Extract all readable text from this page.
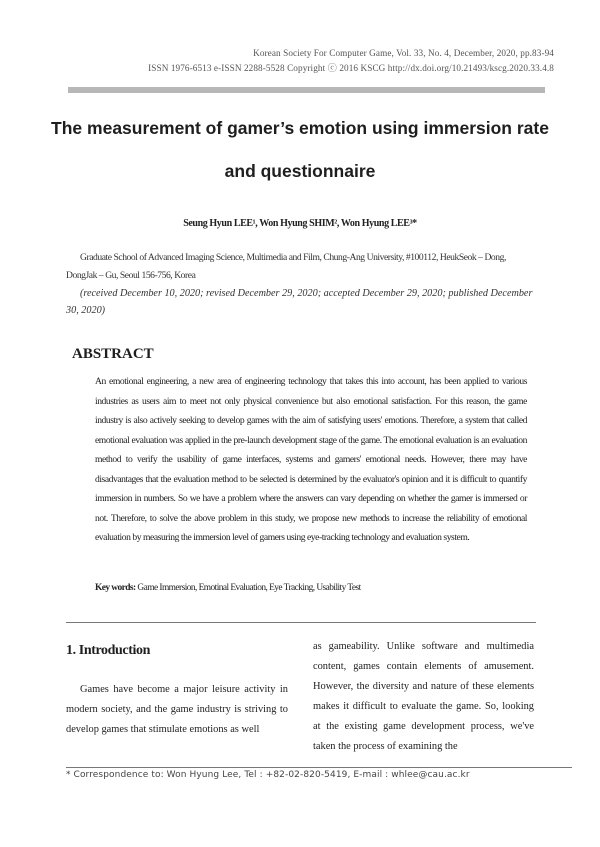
Korean Society For Computer Game, Vol. 33, No. 4, December, 2020, pp.83-94
ISSN 1976-6513 e-ISSN 2288-5528 Copyright ⓒ 2016 KSCG http://dx.doi.org/10.21493/kscg.2020.33.4.8
The measurement of gamer’s emotion using immersion rate
and questionnaire
Seung Hyun LEE¹, Won Hyung SHIM², Won Hyung LEE³*
Graduate School of Advanced Imaging Science, Multimedia and Film, Chung-Ang University, #100112, HeukSeok – Dong, DongJak – Gu, Seoul 156-756, Korea
(received December 10, 2020; revised December 29, 2020; accepted December 29, 2020; published December 30, 2020)
ABSTRACT
An emotional engineering, a new area of engineering technology that takes this into account, has been applied to various industries as users aim to meet not only physical convenience but also emotional satisfaction. For this reason, the game industry is also actively seeking to develop games with the aim of satisfying users' emotions. Therefore, a system that called emotional evaluation was applied in the pre-launch development stage of the game. The emotional evaluation is an evaluation method to verify the usability of game interfaces, systems and gamers' emotional needs. However, there may have disadvantages that the evaluation method to be selected is determined by the evaluator's opinion and it is difficult to quantify immersion in numbers. So we have a problem where the answers can vary depending on whether the gamer is immersed or not. Therefore, to solve the above problem in this study, we propose new methods to increase the reliability of emotional evaluation by measuring the immersion level of gamers using eye-tracking technology and evaluation system.
Key words: Game Immersion, Emotinal Evaluation, Eye Tracking, Usability Test
1. Introduction

Games have become a major leisure activity in modern society, and the game industry is striving to develop games that stimulate emotions as well

as gameability. Unlike software and multimedia content, games contain elements of amusement. However, the diversity and nature of these elements makes it difficult to evaluate the game. So, looking at the existing game development process, we've taken the process of examining the

* Correspondence to: Won Hyung Lee, Tel : +82-02-820-5419, E-mail : whlee@cau.ac.kr
